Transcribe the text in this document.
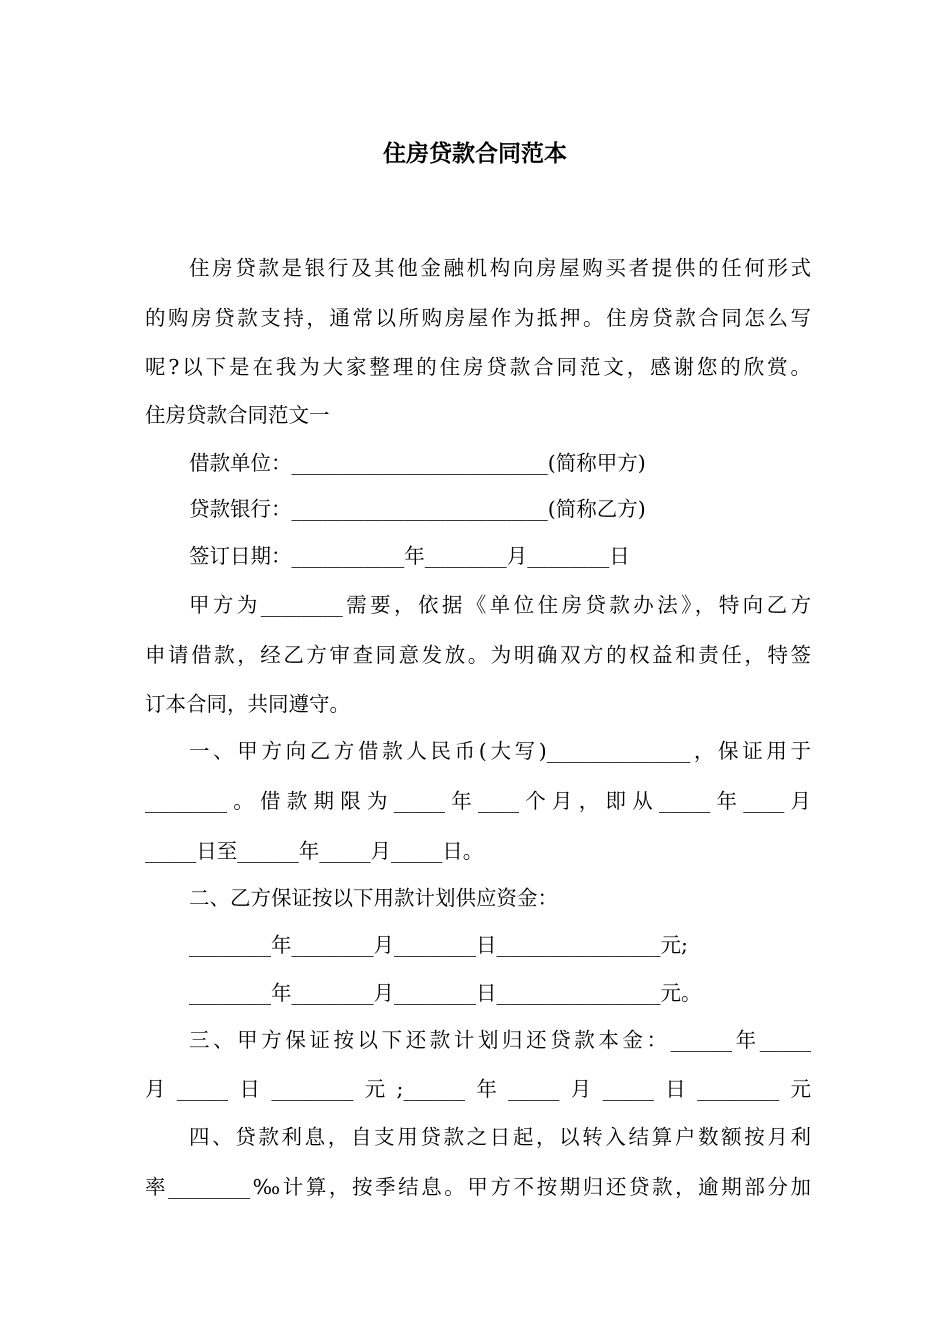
住房贷款合同范本
住房贷款是银行及其他金融机构向房屋购买者提供的任何形式
的购房贷款支持，通常以所购房屋作为抵押。住房贷款合同怎么写
呢?以下是在我为大家整理的住房贷款合同范文，感谢您的欣赏。
住房贷款合同范文一
借款单位：_________________________(简称甲方)
贷款银行：_________________________(简称乙方)
签订日期：___________年________月________日
甲方为________需要，依据《单位住房贷款办法》，特向乙方
申请借款，经乙方审查同意发放。为明确双方的权益和责任，特签
订本合同，共同遵守。
一、甲方向乙方借款人民币(大写)______________，保证用于
________。借款期限为_____年____个月，即从_____年____月
_____日至______年_____月_____日。
二、乙方保证按以下用款计划供应资金：
________年________月________日________________元;
________年________月________日________________元。
三、甲方保证按以下还款计划归还贷款本金：______年_____
月_____日________元;______年_____月_____日________元
四、贷款利息，自支用贷款之日起，以转入结算户数额按月利
率________‰计算，按季结息。甲方不按期归还贷款，逾期部分加
